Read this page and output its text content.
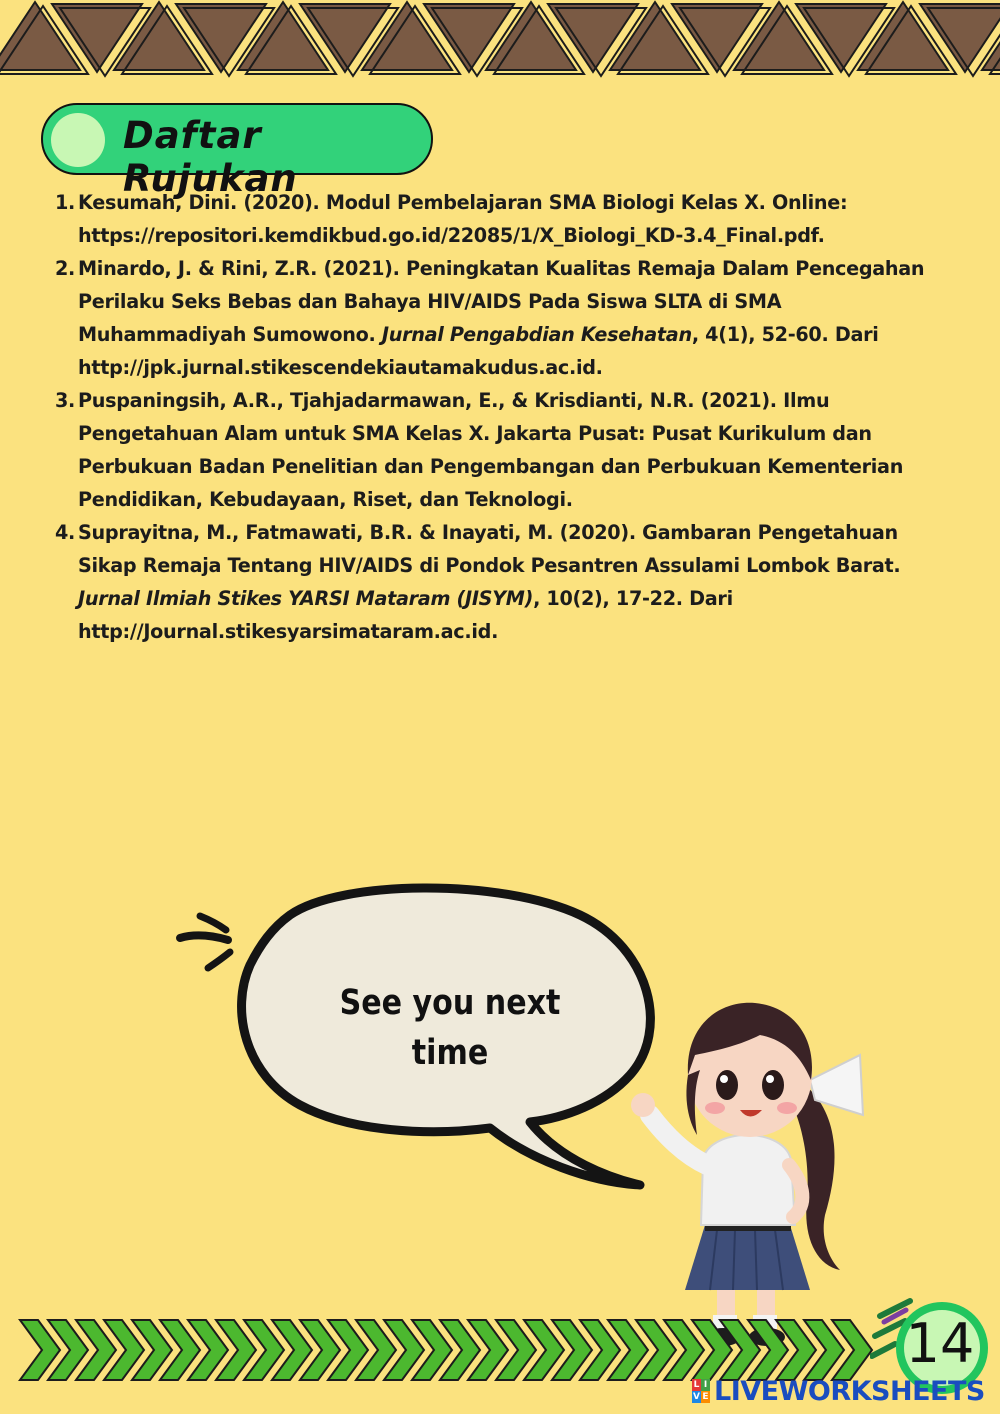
Daftar Rujukan
1. Kesumah, Dini. (2020). Modul Pembelajaran SMA Biologi Kelas X. Online: https://repositori.kemdikbud.go.id/22085/1/X_Biologi_KD-3.4_Final.pdf.
2. Minardo, J. & Rini, Z.R. (2021). Peningkatan Kualitas Remaja Dalam Pencegahan Perilaku Seks Bebas dan Bahaya HIV/AIDS Pada Siswa SLTA di SMA Muhammadiyah Sumowono. Jurnal Pengabdian Kesehatan, 4(1), 52-60. Dari http://jpk.jurnal.stikescendekiautamakudus.ac.id.
3. Puspaningsih, A.R., Tjahjadarmawan, E., & Krisdianti, N.R. (2021). Ilmu Pengetahuan Alam untuk SMA Kelas X. Jakarta Pusat: Pusat Kurikulum dan Perbukuan Badan Penelitian dan Pengembangan dan Perbukuan Kementerian Pendidikan, Kebudayaan, Riset, dan Teknologi.
4. Suprayitna, M., Fatmawati, B.R. & Inayati, M. (2020). Gambaran Pengetahuan Sikap Remaja Tentang HIV/AIDS di Pondok Pesantren Assulami Lombok Barat. Jurnal Ilmiah Stikes YARSI Mataram (JISYM), 10(2), 17-22. Dari http://Journal.stikesyarsimataram.ac.id.
See you next time
14
L I
V E LIVEWORKSHEETS
